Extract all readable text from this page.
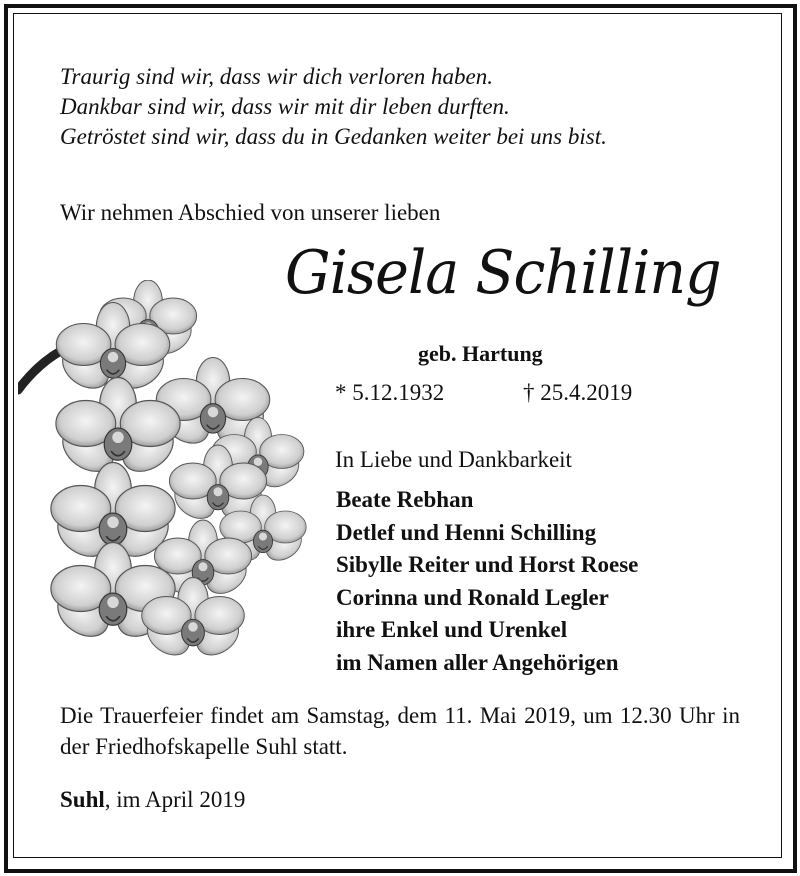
Traurig sind wir, dass wir dich verloren haben.
Dankbar sind wir, dass wir mit dir leben durften.
Getröstet sind wir, dass du in Gedanken weiter bei uns bist.
Wir nehmen Abschied von unserer lieben
Gisela Schilling
geb. Hartung
* 5.12.1932	† 25.4.2019
In Liebe und Dankbarkeit
Beate Rebhan
Detlef und Henni Schilling
Sibylle Reiter und Horst Roese
Corinna und Ronald Legler
ihre Enkel und Urenkel
im Namen aller Angehörigen
Die Trauerfeier findet am Samstag, dem 11. Mai 2019, um 12.30 Uhr in der Friedhofskapelle Suhl statt.
Suhl, im April 2019
